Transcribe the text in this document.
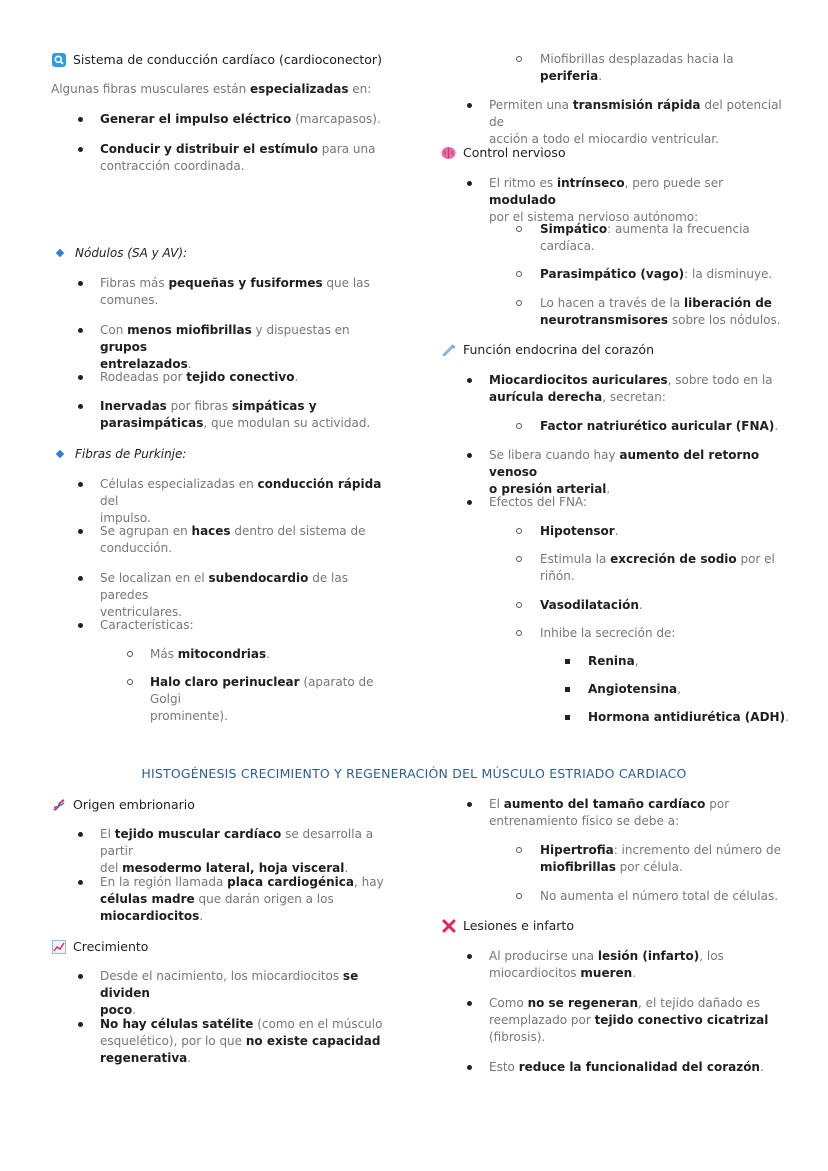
Sistema de conducción cardíaco (cardioconector)
Algunas fibras musculares están especializadas en:
Generar el impulso eléctrico (marcapasos).
Conducir y distribuir el estímulo para una
contracción coordinada.
Nódulos (SA y AV):
Fibras más pequeñas y fusiformes que las
comunes.
Con menos miofibrillas y dispuestas en grupos
entrelazados.
Rodeadas por tejido conectivo.
Inervadas por fibras simpáticas y
parasimpáticas, que modulan su actividad.
Fibras de Purkinje:
Células especializadas en conducción rápida del
impulso.
Se agrupan en haces dentro del sistema de
conducción.
Se localizan en el subendocardio de las paredes
ventriculares.
Características:
Más mitocondrias.
Halo claro perinuclear (aparato de Golgi
prominente).
Miofibrillas desplazadas hacia la
periferia.
Permiten una transmisión rápida del potencial de
acción a todo el miocardio ventricular.
Control nervioso
El ritmo es intrínseco, pero puede ser modulado
por el sistema nervioso autónomo:
Simpático: aumenta la frecuencia
cardíaca.
Parasimpático (vago): la disminuye.
Lo hacen a través de la liberación de
neurotransmisores sobre los nódulos.
Función endocrina del corazón
Miocardiocitos auriculares, sobre todo en la
aurícula derecha, secretan:
Factor natriurético auricular (FNA).
Se libera cuando hay aumento del retorno venoso
o presión arterial.
Efectos del FNA:
Hipotensor.
Estimula la excreción de sodio por el
riñón.
Vasodilatación.
Inhibe la secreción de:
Renina,
Angiotensina,
Hormona antidiurética (ADH).
HISTOGÉNESIS CRECIMIENTO Y REGENERACIÓN DEL MÚSCULO ESTRIADO CARDIACO
Origen embrionario
El tejido muscular cardíaco se desarrolla a partir
del mesodermo lateral, hoja visceral.
En la región llamada placa cardiogénica, hay
células madre que darán origen a los
miocardiocitos.
Crecimiento
Desde el nacimiento, los miocardiocitos se dividen
poco.
No hay células satélite (como en el músculo
esquelético), por lo que no existe capacidad
regenerativa.
El aumento del tamaño cardíaco por
entrenamiento físico se debe a:
Hipertrofia: incremento del número de
miofibrillas por célula.
No aumenta el número total de células.
Lesiones e infarto
Al producirse una lesión (infarto), los
miocardiocitos mueren.
Como no se regeneran, el tejido dañado es
reemplazado por tejido conectivo cicatrizal
(fibrosis).
Esto reduce la funcionalidad del corazón.
